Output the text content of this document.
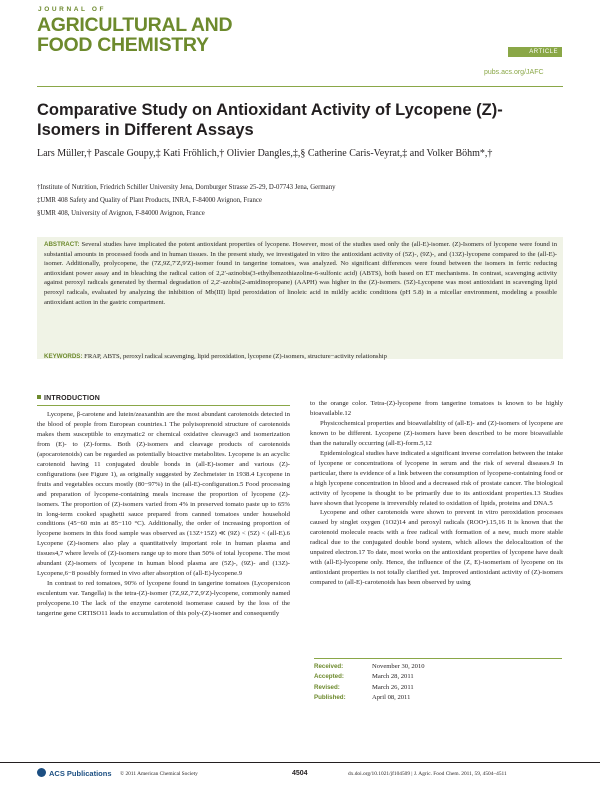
JOURNAL OF
AGRICULTURAL AND
FOOD CHEMISTRY	ARTICLE
pubs.acs.org/JAFC
Comparative Study on Antioxidant Activity of Lycopene (Z)-Isomers in Different Assays
Lars Müller,† Pascale Goupy,‡ Kati Fröhlich,† Olivier Dangles,‡,§ Catherine Caris-Veyrat,‡ and Volker Böhm*,†
†Institute of Nutrition, Friedrich Schiller University Jena, Dornburger Strasse 25-29, D-07743 Jena, Germany
‡UMR 408 Safety and Quality of Plant Products, INRA, F-84000 Avignon, France
§UMR 408, University of Avignon, F-84000 Avignon, France
ABSTRACT: Several studies have implicated the potent antioxidant properties of lycopene. However, most of the studies used only the (all-E)-isomer. (Z)-Isomers of lycopene were found in substantial amounts in processed foods and in human tissues. In the present study, we investigated in vitro the antioxidant activity of (5Z)-, (9Z)-, and (13Z)-lycopene compared to the (all-E)-isomer. Additionally, prolycopene, the (7Z,9Z,7′Z,9′Z)-isomer found in tangerine tomatoes, was analyzed. No significant differences were found between the isomers in ferric reducing antioxidant power assay and in bleaching the radical cation of 2,2′-azinobis(3-ethylbenzothiazoline-6-sulfonic acid) (ABTS), both based on ET mechanisms. In contrast, scavenging activity against peroxyl radicals generated by thermal degradation of 2,2′-azobis(2-amidinopropane) (AAPH) was higher in the (Z)-isomers. (5Z)-Lycopene was most antioxidant in scavenging lipid peroxyl radicals, evaluated by analyzing the inhibition of Mb(III) lipid peroxidation of linoleic acid in mildly acidic conditions (pH 5.8) in a micellar environment, modeling a possible antioxidant action in the gastric compartment.
KEYWORDS: FRAP, ABTS, peroxyl radical scavenging, lipid peroxidation, lycopene (Z)-isomers, structure−activity relationship
INTRODUCTION

Lycopene, β-carotene and lutein/zeaxanthin are the most abundant carotenoids detected in the blood of people from European countries.1 The polyisoprenoid structure of carotenoids makes them susceptible to enzymatic2 or chemical oxidative cleavage3 and isomerization from (E)- to (Z)-forms. Both (Z)-isomers and cleavage products of carotenoids (apocarotenoids) can be regarded as potentially bioactive metabolites. Lycopene is an acyclic carotenoid having 11 conjugated double bonds in (all-E)-isomer and various (Z)-configurations (see Figure 1), as originally suggested by Zechmeister in 1938.4 Lycopene in fruits and vegetables occurs mostly (80−97%) in the (all-E)-configuration.5 Food processing and preparation of lycopene-containing meals increase the proportion of lycopene (Z)-isomers. The proportion of (Z)-isomers varied from 4% in preserved tomato paste up to 65% in long-term cooked spaghetti sauce prepared from canned tomatoes under household conditions (45−60 min at 85−110 °C). Additionally, the order of increasing proportion of lycopene isomers in this food sample was observed as (13Z+15Z) ≪ (9Z) < (5Z) < (all-E).6 Lycopene (Z)-isomers also play a quantitatively important role in human plasma and tissues4,7 where levels of (Z)-isomers range up to more than 50% of total lycopene. The most abundant (Z)-isomers of lycopene in human blood plasma are (5Z)-, (9Z)- and (13Z)-Lycopene,6−8 possibly formed in vivo after absorption of (all-E)-lycopene.9

In contrast to red tomatoes, 90% of lycopene found in tangerine tomatoes (Lycopersicon esculentum var. Tangella) is the tetra-(Z)-isomer (7Z,9Z,7′Z,9′Z)-lycopene, commonly named prolycopene.10 The lack of the enzyme carotenoid isomerase caused by the loss of the tangerine gene CRTISO11 leads to accumulation of this poly-(Z)-isomer and consequently

to the orange color. Tetra-(Z)-lycopene from tangerine tomatoes is known to be highly bioavailable.12

Physicochemical properties and bioavailability of (all-E)- and (Z)-isomers of lycopene are known to be different. Lycopene (Z)-isomers have been described to be more bioavailable than the naturally occurring (all-E)-form.5,12

Epidemiological studies have indicated a significant inverse correlation between the intake of lycopene or concentrations of lycopene in serum and the risk of several diseases.9 In particular, there is evidence of a link between the consumption of lycopene-containing food or a high lycopene concentration in blood and a decreased risk of prostate cancer. The biological activity of lycopene is thought to be primarily due to its antioxidant properties.13 Studies have shown that lycopene is irreversibly related to oxidation of lipids, proteins and DNA.5

Lycopene and other carotenoids were shown to prevent in vitro peroxidation processes caused by singlet oxygen (1O2)14 and peroxyl radicals (ROO•).15,16 It is known that the carotenoid molecule reacts with a free radical with formation of a new, much more stable radical due to the conjugated double bond system, which allows the delocalization of the unpaired electron.17 To date, most works on the antioxidant properties of lycopene have dealt with (all-E)-lycopene only. Hence, the influence of the (Z, E)-isomerism of lycopene on its antioxidant properties is not totally clarified yet. Improved antioxidant activity of (Z)-isomers compared to (all-E)-carotenoids has been observed by using

Received:	November 30, 2010
Accepted:	March 28, 2011
Revised:	March 26, 2011
Published:	April 08, 2011
ACS Publications © 2011 American Chemical Society	4504	dx.doi.org/10.1021/jf104509 | J. Agric. Food Chem. 2011, 59, 4504–4511
